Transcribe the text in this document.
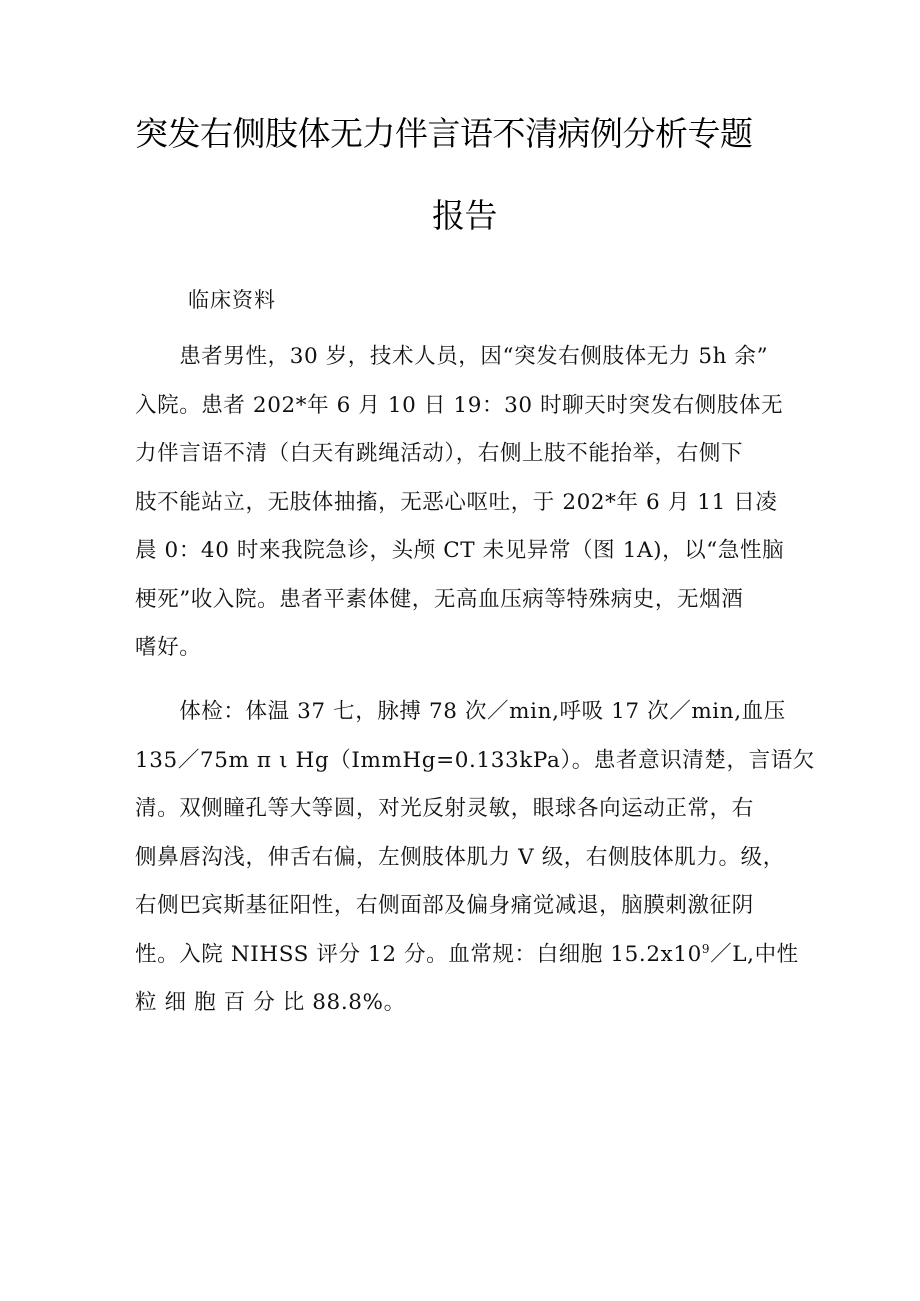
突发右侧肢体无力伴言语不清病例分析专题
报告
临床资料
　　患者男性，30 岁，技术人员，因“突发右侧肢体无力 5h 余”
入院。患者 202*年 6 月 10 日 19：30 时聊天时突发右侧肢体无
力伴言语不清（白天有跳绳活动），右侧上肢不能抬举，右侧下
肢不能站立，无肢体抽搐，无恶心呕吐，于 202*年 6 月 11 日凌
晨 0：40 时来我院急诊，头颅 CT 未见异常（图 1A)，以“急性脑
梗死”收入院。患者平素体健，无高血压病等特殊病史，无烟酒
嗜好。
　　体检：体温 37 七，脉搏 78 次／min,呼吸 17 次／min,血压
135／75m π ι Hg（ImmHg=0.133kPa）。患者意识清楚，言语欠
清。双侧瞳孔等大等圆，对光反射灵敏，眼球各向运动正常，右
侧鼻唇沟浅，伸舌右偏，左侧肢体肌力 V 级，右侧肢体肌力。级，
右侧巴宾斯基征阳性，右侧面部及偏身痛觉减退，脑膜刺激征阴
性。入院 NIHSS 评分 12 分。血常规：白细胞 $15.2x10^9/L$,中性
粒 细 胞 百 分 比 88.8%。
